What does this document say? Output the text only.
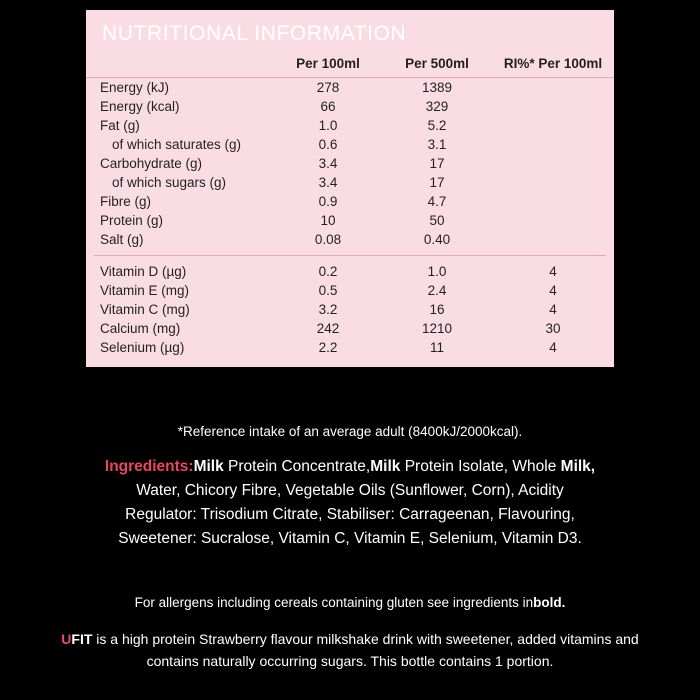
NUTRITIONAL INFORMATION
	Per 100ml	Per 500ml	RI%* Per 100ml
Energy (kJ)	278	1389	
Energy (kcal)	66	329	
Fat (g)	1.0	5.2	
of which saturates (g)	0.6	3.1	
Carbohydrate (g)	3.4	17	
of which sugars (g)	3.4	17	
Fibre (g)	0.9	4.7	
Protein (g)	10	50	
Salt (g)	0.08	0.40	

Vitamin D (µg)	0.2	1.0	4
Vitamin E (mg)	0.5	2.4	4
Vitamin C (mg)	3.2	16	4
Calcium (mg)	242	1210	30
Selenium (µg)	2.2	11	4
*Reference intake of an average adult (8400kJ/2000kcal).
Ingredients:Milk Protein Concentrate,Milk Protein Isolate, Whole Milk, Water, Chicory Fibre, Vegetable Oils (Sunflower, Corn), Acidity Regulator: Trisodium Citrate, Stabiliser: Carrageenan, Flavouring, Sweetener: Sucralose, Vitamin C, Vitamin E, Selenium, Vitamin D3.
For allergens including cereals containing gluten see ingredients inbold.
UFIT is a high protein Strawberry flavour milkshake drink with sweetener, added vitamins and contains naturally occurring sugars. This bottle contains 1 portion.
